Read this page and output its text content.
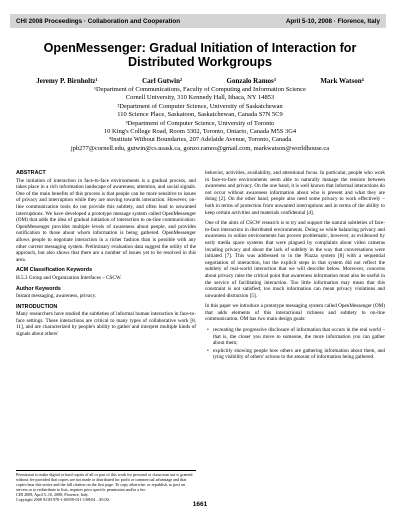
CHI 2008 Proceedings · Collaboration and Cooperation	April 5-10, 2008 · Florence, Italy
OpenMessenger: Gradual Initiation of Interaction for Distributed Workgroups
Jeremy P. Birnholtz¹	Carl Gutwin²	Gonzalo Ramos³	Mark Watson⁴
¹Department of Communications, Faculty of Computing and Information Science
Cornell University, 310 Kennedy Hall, Ithaca, NY 14853
²Department of Computer Science, University of Saskatchewan
110 Science Place, Saskatoon, Saskatchewan, Canada S7N 5C9
³Department of Computer Science, University of Toronto
10 King's College Road, Room 3302, Toronto, Ontario, Canada M5S 3G4
⁴Institute Without Boundaries, 207 Adelaide Avenue, Toronto, Canada
jpb277@cornell.edu, gutwin@cs.usask.ca, gonzo.ramos@gmail.com, markwatson@worldhouse.ca
ABSTRACT

The initiation of interaction in face-to-face environments is a gradual process, and takes place in a rich information landscape of awareness, attention, and social signals. One of the main benefits of this process is that people can be more sensitive to issues of privacy and interruption while they are moving towards interaction. However, on-line communication tools do not provide this subtlety, and often lead to unwanted interruptions. We have developed a prototype message system called OpenMessenger (OM) that adds the idea of gradual initiation of interaction to on-line communication. OpenMessenger provides multiple levels of awareness about people, and provides notification to those about whom information is being gathered. OpenMessenger allows people to negotiate interaction in a richer fashion than is possible with any other current messaging system. Preliminary evaluation data suggest the utility of the approach, but also shows that there are a number of issues yet to be resolved in this area.

ACM Classification Keywords

H.5.3 Group and Organization Interfaces – CSCW.

Author Keywords

Instant messaging, awareness, privacy.

INTRODUCTION

Many researchers have studied the subtleties of informal human interaction in face-to-face settings. These interactions are critical to many types of collaborative work [8, 11], and are characterized by people's ability to gather and interpret multiple kinds of signals about others'

Permission to make digital or hard copies of all or part of this work for personal or classroom use is granted without fee provided that copies are not made or distributed for profit or commercial advantage and that copies bear this notice and the full citation on the first page. To copy otherwise, or republish, to post on servers or to redistribute to lists, requires prior specific permission and/or a fee.
CHI 2008, April 5–10, 2008, Florence, Italy.
Copyright 2008 ACM 978-1-60558-011-1/08/04…$5.00.

behavior, activities, availability, and attentional focus. In particular, people who work in face-to-face environments seem able to naturally manage the tension between awareness and privacy. On the one hand, it is well known that informal interactions do not occur without awareness information about who is present and what they are doing [2]. On the other hand, people also need some privacy to work effectively – both in terms of protection from unwanted interruptions and in terms of the ability to keep certain activities and materials confidential [4].

One of the aims of CSCW research is to try and support the natural subtleties of face-to-face interaction in distributed environments. Doing so while balancing privacy and awareness in online environments has proven problematic, however, as evidenced by early media space systems that were plagued by complaints about video cameras invading privacy and about the lack of subtlety in the way that conversations were initiated [7]. This was addressed to in the Piazza system [8] with a sequential negotiation of interaction, but the explicit steps in that system did not reflect the subtlety of real-world interaction that we will describe below. Moreover, concerns about privacy raise the critical point that awareness information must also be useful in the service of facilitating interaction. Too little information may mean that this constraint is not satisfied; too much information can mean privacy violations and unwanted distraction [5].

In this paper we introduce a prototype messaging system called OpenMessenger (OM) that adds elements of this interactional richness and subtlety to on-line communication. OM has two main design goals:

• recreating the progressive disclosure of information that occurs in the real world – that is, the closer you move to someone, the more information you can gather about them;
• explicitly showing people how others are gathering information about them, and tying visibility of others' actions to the amount of information being gathered.
1661
